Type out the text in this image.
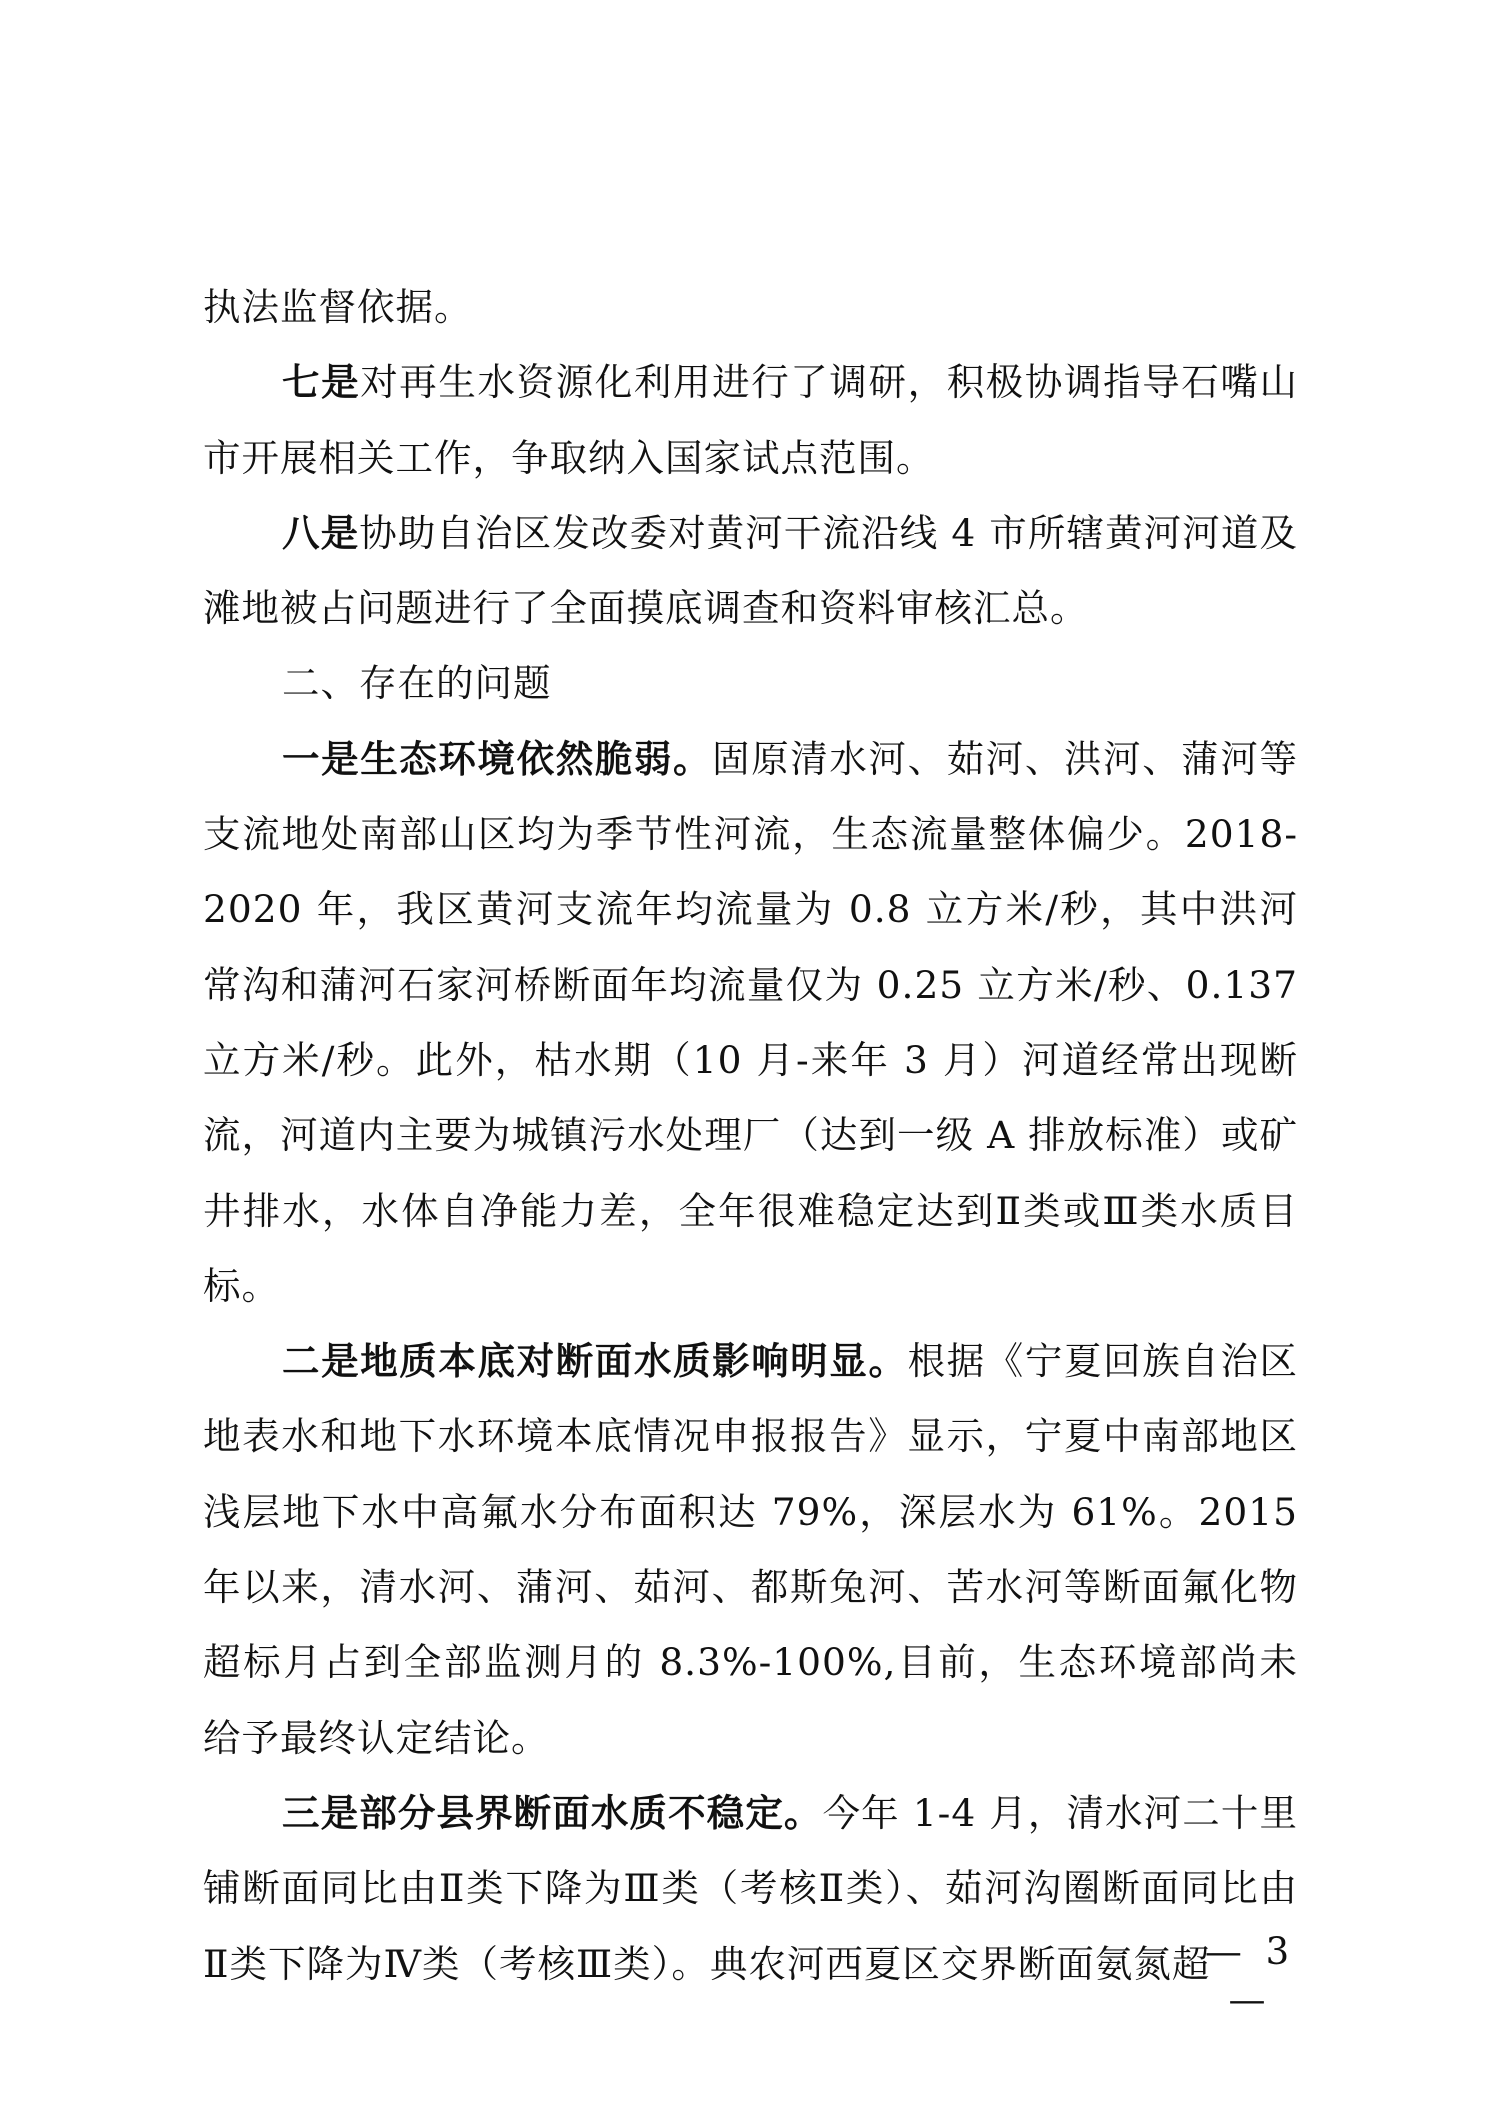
执法监督依据。

七是对再生水资源化利用进行了调研，积极协调指导石嘴山市开展相关工作，争取纳入国家试点范围。

八是协助自治区发改委对黄河干流沿线 4 市所辖黄河河道及滩地被占问题进行了全面摸底调查和资料审核汇总。

二、存在的问题

一是生态环境依然脆弱。固原清水河、茹河、洪河、蒲河等支流地处南部山区均为季节性河流，生态流量整体偏少。2018-2020 年，我区黄河支流年均流量为 0.8 立方米/秒，其中洪河常沟和蒲河石家河桥断面年均流量仅为 0.25 立方米/秒、0.137 立方米/秒。此外，枯水期（10 月-来年 3 月）河道经常出现断流，河道内主要为城镇污水处理厂（达到一级 A 排放标准）或矿井排水，水体自净能力差，全年很难稳定达到Ⅱ类或Ⅲ类水质目标。

二是地质本底对断面水质影响明显。根据《宁夏回族自治区地表水和地下水环境本底情况申报报告》显示，宁夏中南部地区浅层地下水中高氟水分布面积达 79%，深层水为 61%。2015 年以来，清水河、蒲河、茹河、都斯兔河、苦水河等断面氟化物超标月占到全部监测月的 8.3%-100%,目前，生态环境部尚未给予最终认定结论。

三是部分县界断面水质不稳定。今年 1-4 月，清水河二十里铺断面同比由Ⅱ类下降为Ⅲ类（考核Ⅱ类）、茹河沟圈断面同比由Ⅱ类下降为Ⅳ类（考核Ⅲ类）。典农河西夏区交界断面氨氮超

— 3 —
